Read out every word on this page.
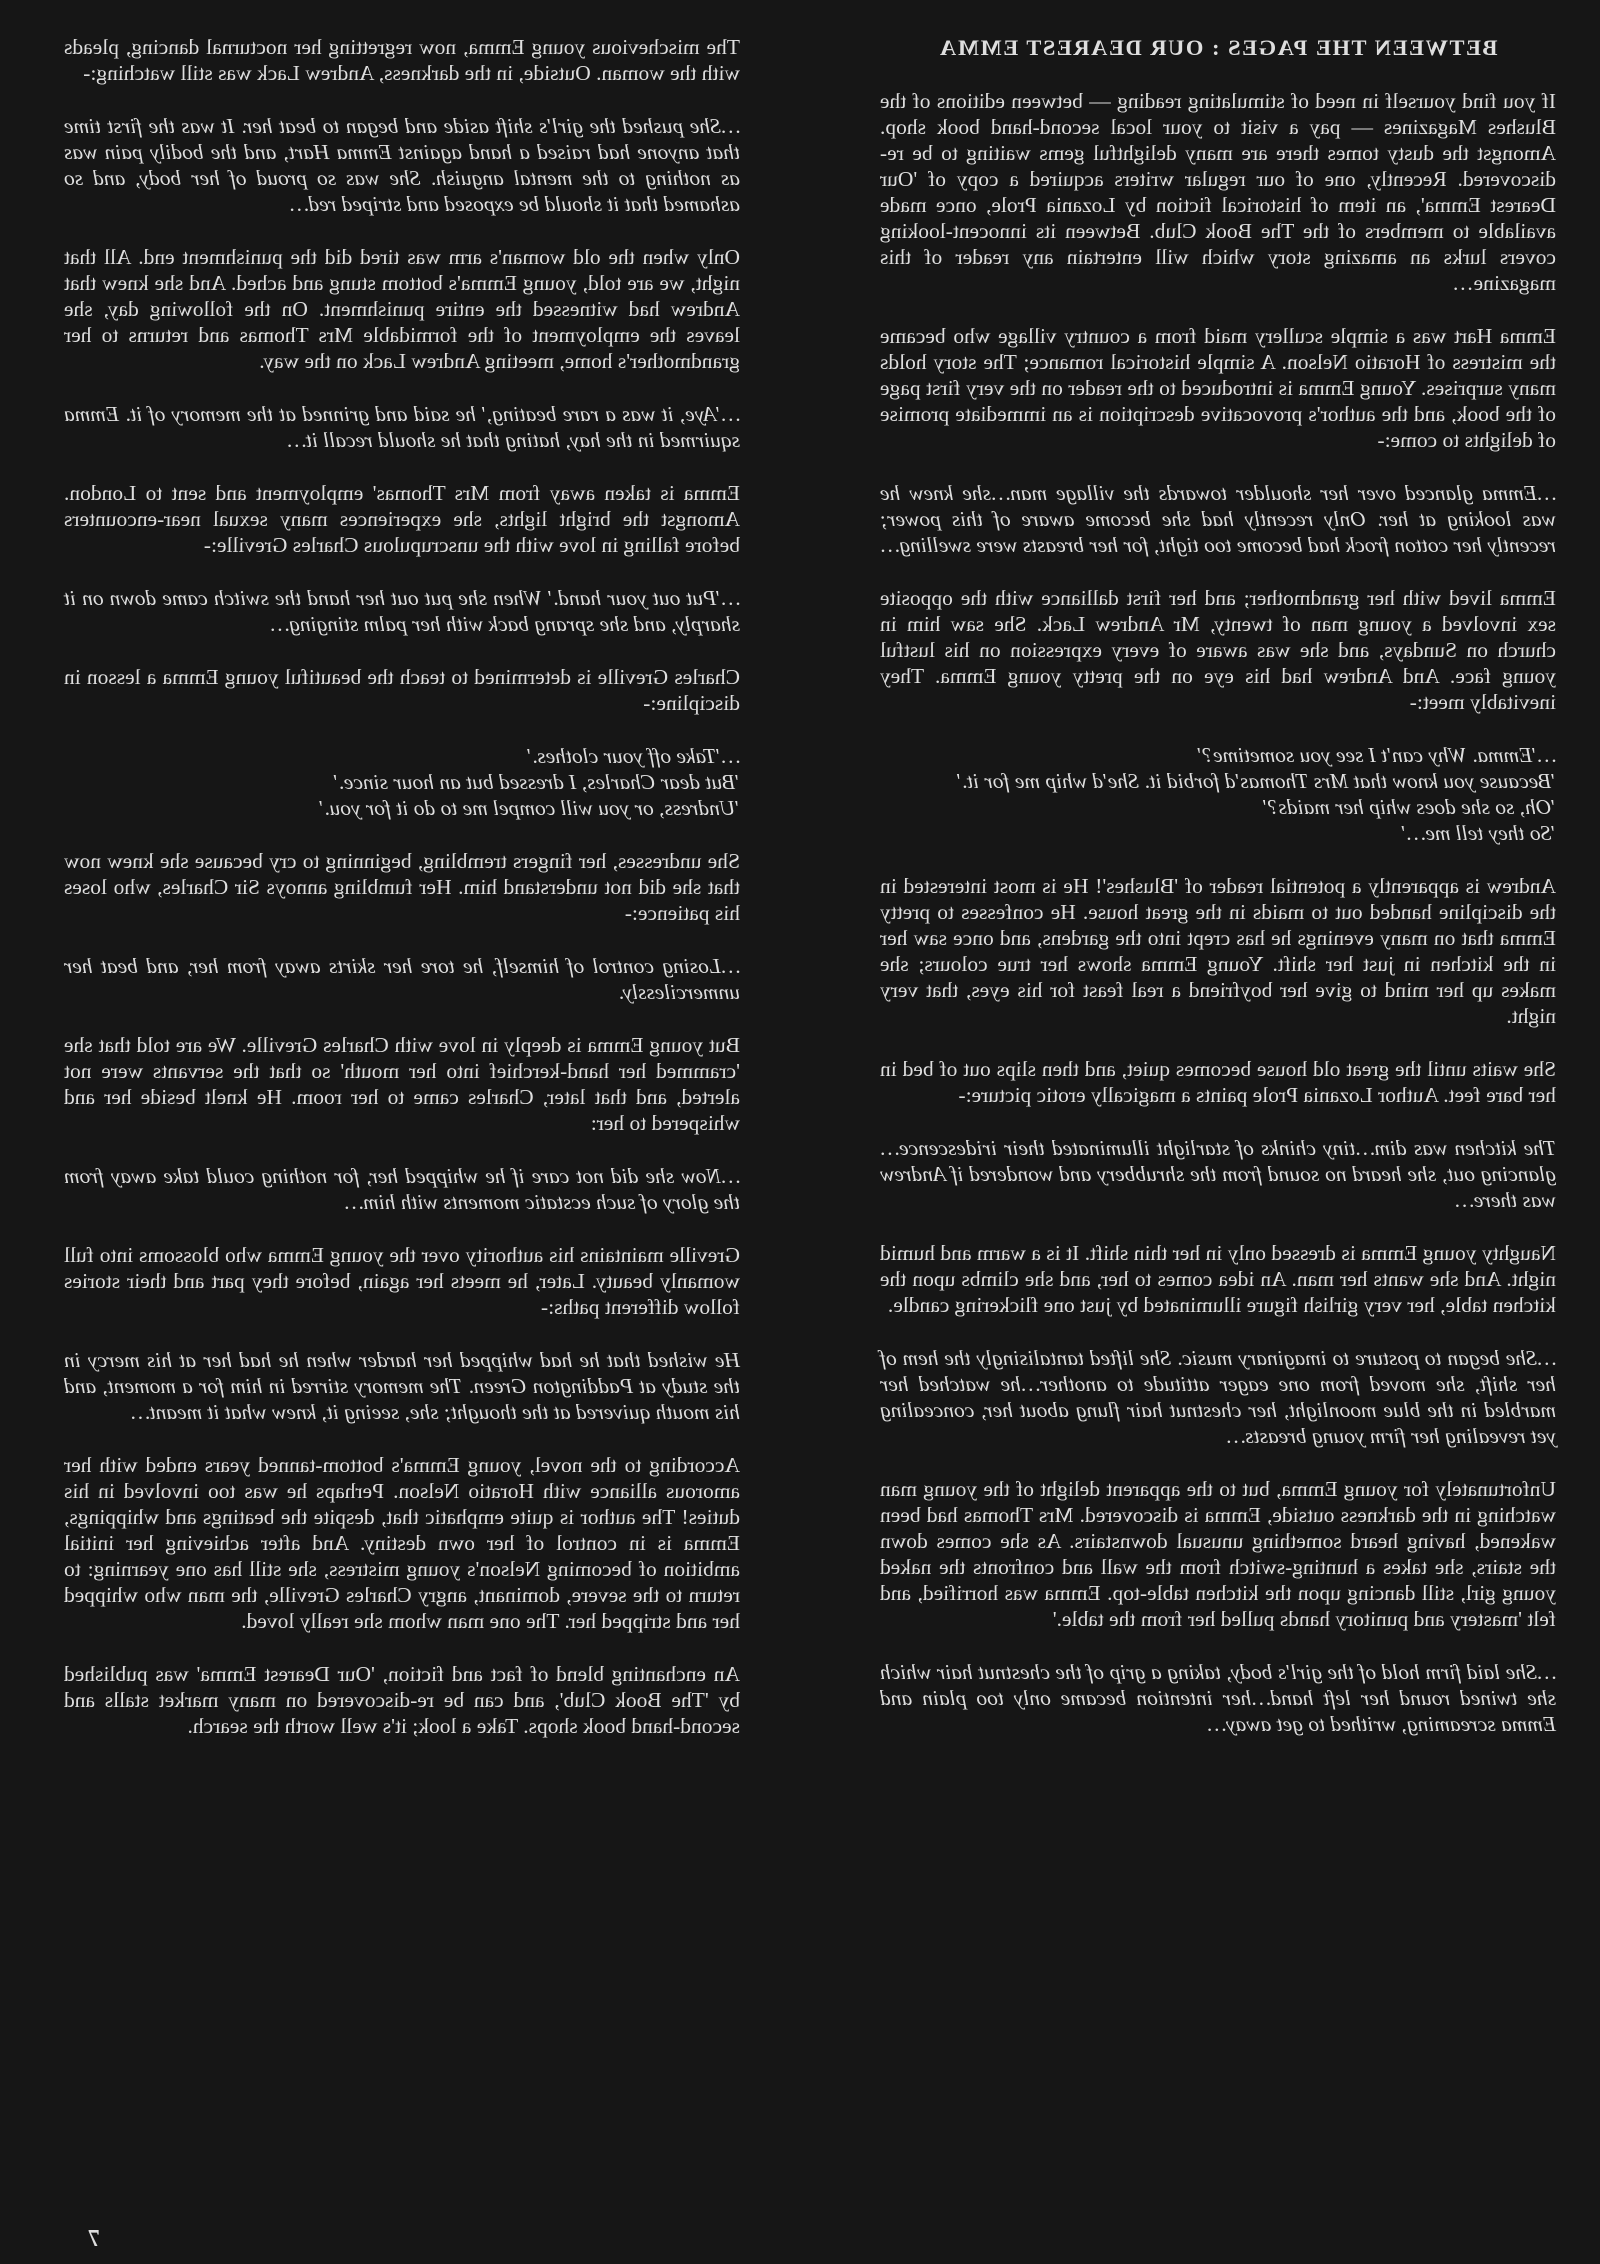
BETWEEN THE PAGES : OUR DEAREST EMMA

If you find yourself in need of stimulating reading — between editions of the Blushes Magazines — pay a visit to your local second-hand book shop. Amongst the dusty tomes there are many delightful gems waiting to be re-discovered. Recently, one of our regular writers acquired a copy of 'Our Dearest Emma', an item of historical fiction by Lozania Prole, once made available to members of the The Book Club. Between its innocent-looking covers lurks an amazing story which will entertain any reader of this magazine…

Emma Hart was a simple scullery maid from a country village who became the mistress of Horatio Nelson. A simple historical romance; The story holds many surprises. Young Emma is introduced to the reader on the very first page of the book, and the author's provocative description is an immediate promise of delights to come:-

…Emma glanced over her shoulder towards the village man…she knew he was looking at her. Only recently had she become aware of this power; recently her cotton frock had become too tight, for her breasts were swelling…

Emma lived with her grandmother; and her first dalliance with the opposite sex involved a young man of twenty, Mr Andrew Lack. She saw him in church on Sundays, and she was aware of every expression on his lustful young face. And Andrew had his eye on the pretty young Emma. They inevitably meet:-

…'Emma. Why can't I see you sometime?'
'Because you know that Mrs Thomas'd forbid it. She'd whip me for it.'
'Oh, so she does whip her maids?'
'So they tell me…'

Andrew is apparently a potential reader of 'Blushes'! He is most interested in the discipline handed out to maids in the great house. He confesses to pretty Emma that on many evenings he has crept into the gardens, and once saw her in the kitchen in just her shift. Young Emma shows her true colours; she makes up her mind to give her boyfriend a real feast for his eyes, that very night.

She waits until the great old house becomes quiet, and then slips out of bed in her bare feet. Author Lozania Prole paints a magically erotic picture:-

The kitchen was dim…tiny chinks of starlight illuminated their iridescence…glancing out, she heard no sound from the shrubbery and wondered if Andrew was there…

Naughty young Emma is dressed only in her thin shift. It is a warm and humid night. And she wants her man. An idea comes to her, and she climbs upon the kitchen table, her very girlish figure illuminated by just one flickering candle.

…She began to posture to imaginary music. She lifted tantalisingly the hem of her shift, she moved from one eager attitude to another…he watched her marbled in the blue moonlight, her chestnut hair flung about her, concealing yet revealing her firm young breasts…

Unfortunately for young Emma, but to the apparent delight of the young man watching in the darkness outside, Emma is discovered. Mrs Thomas had been wakened, having heard something unusual downstairs. As she comes down the stairs, she takes a hunting-switch from the wall and confronts the naked young girl, still dancing upon the kitchen table-top. Emma was horrified, and felt 'mastery and punitory hands pulled her from the table.'

…She laid firm hold of the girl's body, taking a grip of the chestnut hair which she twined round her left hand…her intention became only too plain and Emma screaming, writhed to get away…

The mischevious young Emma, now regretting her nocturnal dancing, pleads with the woman. Outside, in the darkness, Andrew Lack was still watching:-

…She pushed the girl's shift aside and began to beat her. It was the first time that anyone had raised a hand against Emma Hart, and the bodily pain was as nothing to the mental anguish. She was so proud of her body, and so ashamed that it should be exposed and striped red…

Only when the old woman's arm was tired did the punishment end. All that night, we are told, young Emma's bottom stung and ached. And she knew that Andrew had witnessed the entire punishment. On the following day, she leaves the employment of the formidable Mrs Thomas and returns to her grandmother's home, meeting Andrew Lack on the way.

…'Aye, it was a rare beating,' he said and grinned at the memory of it. Emma squirmed in the hay, hating that he should recall it…

Emma is taken away from Mrs Thomas' employment and sent to London. Amongst the bright lights, she experiences many sexual near-encounters before falling in love with the unscrupulous Charles Greville:-

…'Put out your hand.' When she put out her hand the switch came down on it sharply, and she sprang back with her palm stinging…

Charles Greville is determined to teach the beautiful young Emma a lesson in discipline:-

…'Take off your clothes.'
'But dear Charles, I dressed but an hour since.'
'Undress, or you will compel me to do it for you.'

She undresses, her fingers trembling, beginning to cry because she knew now that she did not understand him. Her fumbling annoys Sir Charles, who loses his patience:-

…Losing control of himself, he tore her skirts away from her, and beat her unmercilessly.

But young Emma is deeply in love with Charles Greville. We are told that she 'crammed her hand-kerchief into her mouth' so that the servants were not alerted, and that later, Charles came to her room. He knelt beside her and whispered to her:

…Now she did not care if he whipped her, for nothing could take away from the glory of such ecstatic moments with him…

Greville maintains his authority over the young Emma who blossoms into full womanly beauty. Later, he meets her again, before they part and their stories follow different paths:-

He wished that he had whipped her harder when he had her at his mercy in the study at Paddington Green. The memory stirred in him for a moment, and his mouth quivered at the thought; she, seeing it, knew what it meant…

According to the novel, young Emma's bottom-tanned years ended with her amorous alliance with Horatio Nelson. Perhaps he was too involved in his duties! The author is quite emphatic that, despite the beatings and whippings, Emma is in control of her own destiny. And after achieving her initial ambition of becoming Nelson's young mistress, she still has one yearning: to return to the severe, dominant, angry Charles Greville, the man who whipped her and stripped her. The one man whom she really loved.

An enchanting blend of fact and fiction, 'Our Dearest Emma' was published by 'The Book Club', and can be re-discovered on many market stalls and second-hand book shops. Take a look; it's well worth the search.

7
